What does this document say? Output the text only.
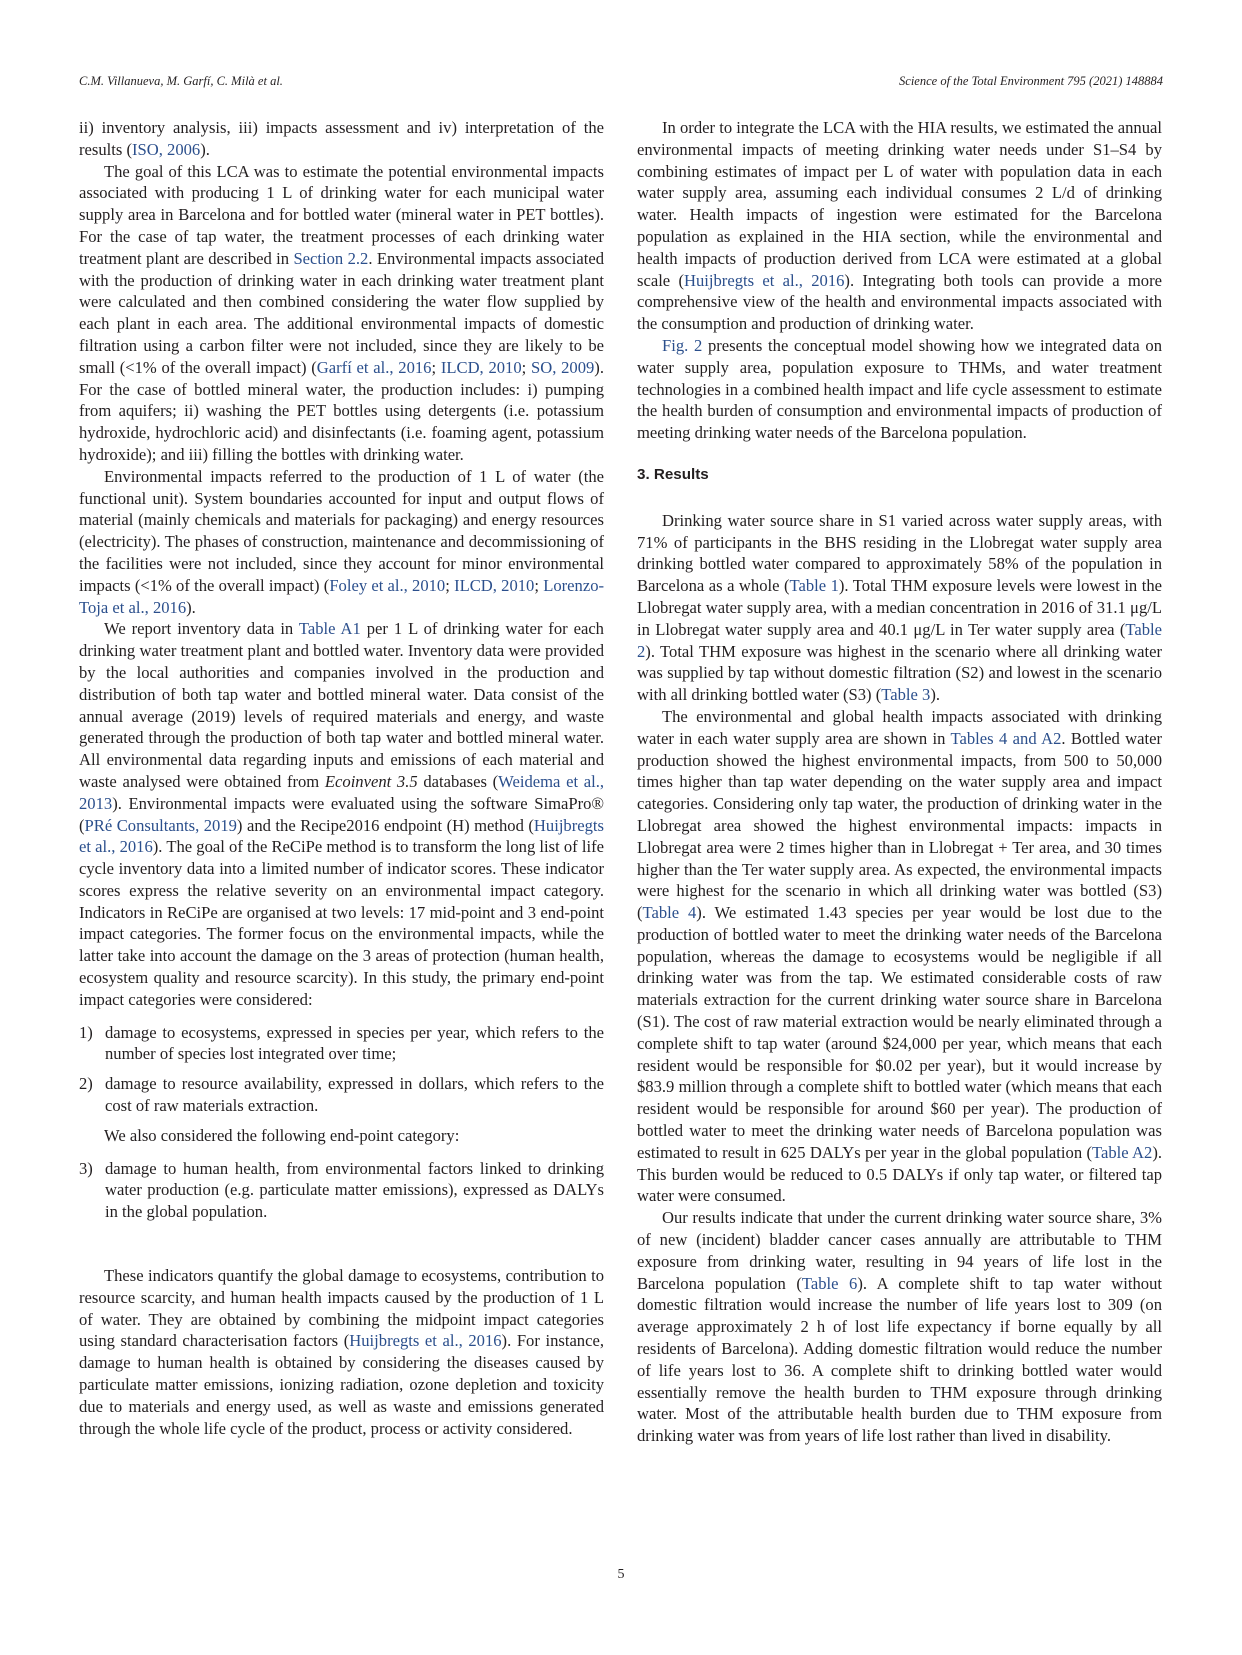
C.M. Villanueva, M. Garfí, C. Milà et al.	Science of the Total Environment 795 (2021) 148884

ii) inventory analysis, iii) impacts assessment and iv) interpretation of the results (ISO, 2006).

The goal of this LCA was to estimate the potential environmental impacts associated with producing 1 L of drinking water for each municipal water supply area in Barcelona and for bottled water (mineral water in PET bottles). For the case of tap water, the treatment processes of each drinking water treatment plant are described in Section 2.2. Environmental impacts associated with the production of drinking water in each drinking water treatment plant were calculated and then combined considering the water flow supplied by each plant in each area. The additional environmental impacts of domestic filtration using a carbon filter were not included, since they are likely to be small (<1% of the overall impact) (Garfí et al., 2016; ILCD, 2010; SO, 2009). For the case of bottled mineral water, the production includes: i) pumping from aquifers; ii) washing the PET bottles using detergents (i.e. potassium hydroxide, hydrochloric acid) and disinfectants (i.e. foaming agent, potassium hydroxide); and iii) filling the bottles with drinking water.

Environmental impacts referred to the production of 1 L of water (the functional unit). System boundaries accounted for input and output flows of material (mainly chemicals and materials for packaging) and energy resources (electricity). The phases of construction, maintenance and decommissioning of the facilities were not included, since they account for minor environmental impacts (<1% of the overall impact) (Foley et al., 2010; ILCD, 2010; Lorenzo-Toja et al., 2016).

We report inventory data in Table A1 per 1 L of drinking water for each drinking water treatment plant and bottled water. Inventory data were provided by the local authorities and companies involved in the production and distribution of both tap water and bottled mineral water. Data consist of the annual average (2019) levels of required materials and energy, and waste generated through the production of both tap water and bottled mineral water. All environmental data regarding inputs and emissions of each material and waste analysed were obtained from Ecoinvent 3.5 databases (Weidema et al., 2013). Environmental impacts were evaluated using the software SimaPro® (PRé Consultants, 2019) and the Recipe2016 endpoint (H) method (Huijbregts et al., 2016). The goal of the ReCiPe method is to transform the long list of life cycle inventory data into a limited number of indicator scores. These indicator scores express the relative severity on an environmental impact category. Indicators in ReCiPe are organised at two levels: 17 mid-point and 3 end-point impact categories. The former focus on the environmental impacts, while the latter take into account the damage on the 3 areas of protection (human health, ecosystem quality and resource scarcity). In this study, the primary end-point impact categories were considered:

1) damage to ecosystems, expressed in species per year, which refers to the number of species lost integrated over time;
2) damage to resource availability, expressed in dollars, which refers to the cost of raw materials extraction.

We also considered the following end-point category:

3) damage to human health, from environmental factors linked to drinking water production (e.g. particulate matter emissions), expressed as DALYs in the global population.

These indicators quantify the global damage to ecosystems, contribution to resource scarcity, and human health impacts caused by the production of 1 L of water. They are obtained by combining the midpoint impact categories using standard characterisation factors (Huijbregts et al., 2016). For instance, damage to human health is obtained by considering the diseases caused by particulate matter emissions, ionizing radiation, ozone depletion and toxicity due to materials and energy used, as well as waste and emissions generated through the whole life cycle of the product, process or activity considered.

In order to integrate the LCA with the HIA results, we estimated the annual environmental impacts of meeting drinking water needs under S1–S4 by combining estimates of impact per L of water with population data in each water supply area, assuming each individual consumes 2 L/d of drinking water. Health impacts of ingestion were estimated for the Barcelona population as explained in the HIA section, while the environmental and health impacts of production derived from LCA were estimated at a global scale (Huijbregts et al., 2016). Integrating both tools can provide a more comprehensive view of the health and environmental impacts associated with the consumption and production of drinking water.

Fig. 2 presents the conceptual model showing how we integrated data on water supply area, population exposure to THMs, and water treatment technologies in a combined health impact and life cycle assessment to estimate the health burden of consumption and environmental impacts of production of meeting drinking water needs of the Barcelona population.

3. Results

Drinking water source share in S1 varied across water supply areas, with 71% of participants in the BHS residing in the Llobregat water supply area drinking bottled water compared to approximately 58% of the population in Barcelona as a whole (Table 1). Total THM exposure levels were lowest in the Llobregat water supply area, with a median concentration in 2016 of 31.1 μg/L in Llobregat water supply area and 40.1 μg/L in Ter water supply area (Table 2). Total THM exposure was highest in the scenario where all drinking water was supplied by tap without domestic filtration (S2) and lowest in the scenario with all drinking bottled water (S3) (Table 3).

The environmental and global health impacts associated with drinking water in each water supply area are shown in Tables 4 and A2. Bottled water production showed the highest environmental impacts, from 500 to 50,000 times higher than tap water depending on the water supply area and impact categories. Considering only tap water, the production of drinking water in the Llobregat area showed the highest environmental impacts: impacts in Llobregat area were 2 times higher than in Llobregat + Ter area, and 30 times higher than the Ter water supply area. As expected, the environmental impacts were highest for the scenario in which all drinking water was bottled (S3) (Table 4). We estimated 1.43 species per year would be lost due to the production of bottled water to meet the drinking water needs of the Barcelona population, whereas the damage to ecosystems would be negligible if all drinking water was from the tap. We estimated considerable costs of raw materials extraction for the current drinking water source share in Barcelona (S1). The cost of raw material extraction would be nearly eliminated through a complete shift to tap water (around $24,000 per year, which means that each resident would be responsible for $0.02 per year), but it would increase by $83.9 million through a complete shift to bottled water (which means that each resident would be responsible for around $60 per year). The production of bottled water to meet the drinking water needs of Barcelona population was estimated to result in 625 DALYs per year in the global population (Table A2). This burden would be reduced to 0.5 DALYs if only tap water, or filtered tap water were consumed.

Our results indicate that under the current drinking water source share, 3% of new (incident) bladder cancer cases annually are attributable to THM exposure from drinking water, resulting in 94 years of life lost in the Barcelona population (Table 6). A complete shift to tap water without domestic filtration would increase the number of life years lost to 309 (on average approximately 2 h of lost life expectancy if borne equally by all residents of Barcelona). Adding domestic filtration would reduce the number of life years lost to 36. A complete shift to drinking bottled water would essentially remove the health burden to THM exposure through drinking water. Most of the attributable health burden due to THM exposure from drinking water was from years of life lost rather than lived in disability.

5
